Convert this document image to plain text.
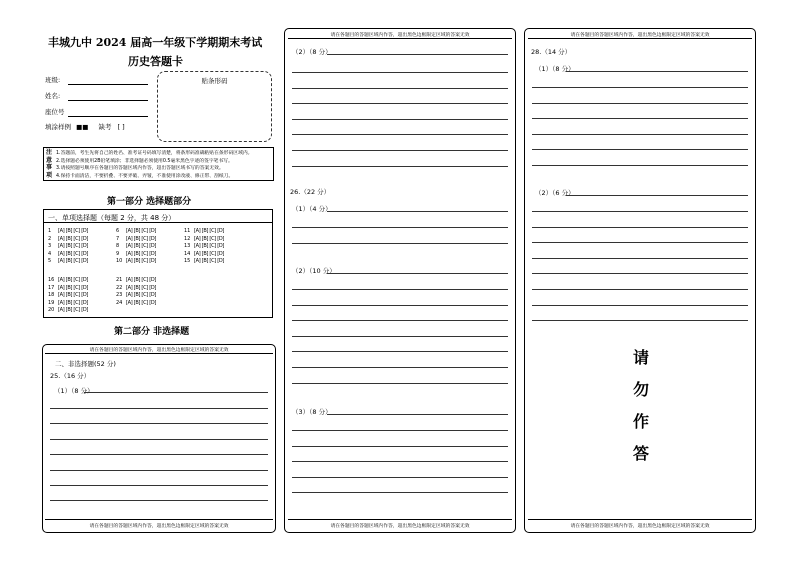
丰城九中 2024 届高一年级下学期期末考试
历史答题卡
班级:
姓名:
座位号
填涂样例 ■■ 缺考 [ ]
贴条形码
注
意
事
项
1.答题前，考生先将自己的姓名、准考证号码填写清楚，将条形码准确粘贴在条形码区域内。
2.选择题必须使用2B铅笔填涂；非选择题必须使用0.5毫米黑色字迹的签字笔书写。
3.请按照题号顺序在各题目的答题区域内作答，超出答题区域书写的答案无效。
4.保持卡面清洁，不要折叠、不要弄破、弄皱，不准使用涂改液、修正带、刮纸刀。
第一部分 选择题部分
一、单项选择题（每题 2 分，共 48 分）
1 [A] [B] [C] [D]
2 [A] [B] [C] [D]
3 [A] [B] [C] [D]
4 [A] [B] [C] [D]
5 [A] [B] [C] [D]
6 [A] [B] [C] [D]
7 [A] [B] [C] [D]
8 [A] [B] [C] [D]
9 [A] [B] [C] [D]
10 [A] [B] [C] [D]
11 [A] [B] [C] [D]
12 [A] [B] [C] [D]
13 [A] [B] [C] [D]
14 [A] [B] [C] [D]
15 [A] [B] [C] [D]
16 [A] [B] [C] [D]
17 [A] [B] [C] [D]
18 [A] [B] [C] [D]
19 [A] [B] [C] [D]
20 [A] [B] [C] [D]
21 [A] [B] [C] [D]
22 [A] [B] [C] [D]
23 [A] [B] [C] [D]
24 [A] [B] [C] [D]
第二部分 非选择题
请在各题目的答题区域内作答，超出黑色边框限定区域的答案无效
请在各题目的答题区域内作答，超出黑色边框限定区域的答案无效
二、非选择题(52 分)
25.（16 分）
（1）（8 分）
请在各题目的答题区域内作答，超出黑色边框限定区域的答案无效
请在各题目的答题区域内作答，超出黑色边框限定区域的答案无效
（2）（8 分）
26.（22 分）
（1）（4 分）
（2）（10 分）
（3）（8 分）
请在各题目的答题区域内作答，超出黑色边框限定区域的答案无效
请在各题目的答题区域内作答，超出黑色边框限定区域的答案无效
28.（14 分）
（1）（8 分）
（2）（6 分）
请
勿
作
答
